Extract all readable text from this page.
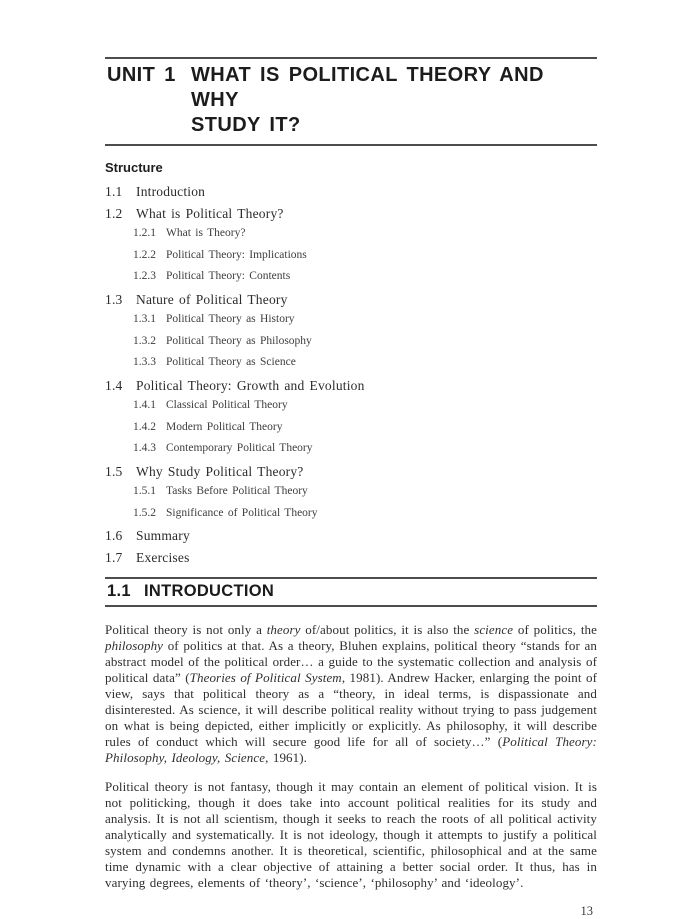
UNIT 1 WHAT IS POLITICAL THEORY AND WHY
STUDY IT?
Structure
1.1	Introduction
1.2	What is Political Theory?
1.2.1 What is Theory?
1.2.2 Political Theory: Implications
1.2.3 Political Theory: Contents
1.3	Nature of Political Theory
1.3.1 Political Theory as History
1.3.2 Political Theory as Philosophy
1.3.3 Political Theory as Science
1.4	Political Theory: Growth and Evolution
1.4.1 Classical Political Theory
1.4.2 Modern Political Theory
1.4.3 Contemporary Political Theory
1.5	Why Study Political Theory?
1.5.1 Tasks Before Political Theory
1.5.2 Significance of Political Theory
1.6	Summary
1.7	Exercises
1.1 INTRODUCTION

Political theory is not only a theory of/about politics, it is also the science of politics, the philosophy of politics at that. As a theory, Bluhen explains, political theory “stands for an abstract model of the political order… a guide to the systematic collection and analysis of political data” (Theories of Political System, 1981). Andrew Hacker, enlarging the point of view, says that political theory as a “theory, in ideal terms, is dispassionate and disinterested. As science, it will describe political reality without trying to pass judgement on what is being depicted, either implicitly or explicitly. As philosophy, it will describe rules of conduct which will secure good life for all of society…” (Political Theory: Philosophy, Ideology, Science, 1961).

Political theory is not fantasy, though it may contain an element of political vision. It is not politicking, though it does take into account political realities for its study and analysis. It is not all scientism, though it seeks to reach the roots of all political activity analytically and systematically. It is not ideology, though it attempts to justify a political system and condemns another. It is theoretical, scientific, philosophical and at the same time dynamic with a clear objective of attaining a better social order. It thus, has in varying degrees, elements of ‘theory’, ‘science’, ‘philosophy’ and ‘ideology’.

13
